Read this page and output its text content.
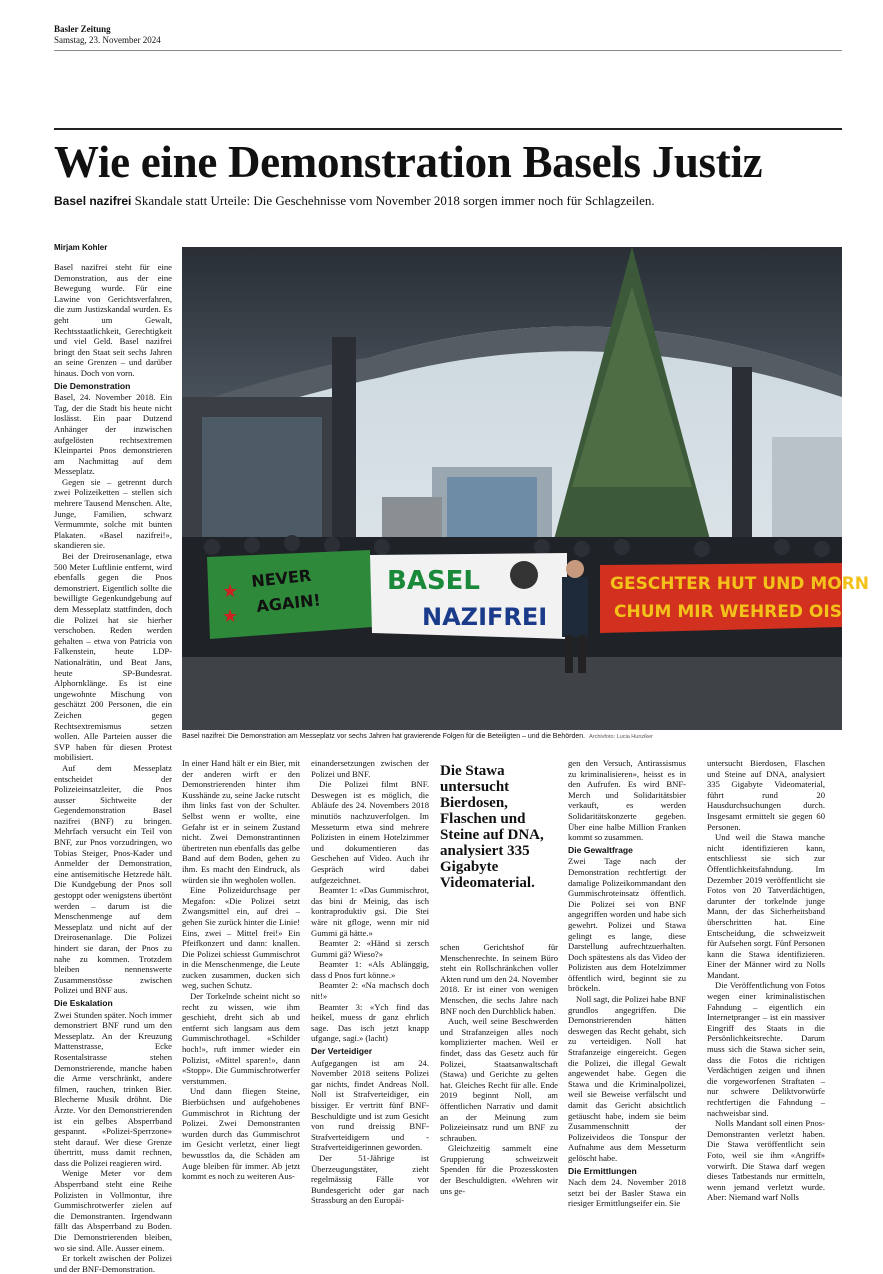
Basler Zeitung
Samstag, 23. November 2024
Wie eine Demonstration Basels Justiz
Basel nazifrei Skandale statt Urteile: Die Geschehnisse vom November 2018 sorgen immer noch für Schlagzeilen.
Mirjam Kohler

Basel nazifrei steht für eine Demonstration, aus der eine Bewegung wurde. Für eine Lawine von Gerichtsverfahren, die zum Justizskandal wurden. Es geht um Gewalt, Rechtsstaatlichkeit, Gerechtigkeit und viel Geld. Basel nazifrei bringt den Staat seit sechs Jahren an seine Grenzen – und darüber hinaus. Doch von vorn.

Die Demonstration

Basel, 24. November 2018. Ein Tag, der die Stadt bis heute nicht loslässt. Ein paar Dutzend Anhänger der inzwischen aufgelösten rechtsextremen Kleinpartei Pnos demonstrieren am Nachmittag auf dem Messeplatz.

Gegen sie – getrennt durch zwei Polizeiketten – stellen sich mehrere Tausend Menschen. Alte, Junge, Familien, schwarz Vermummte, solche mit bunten Plakaten. «Basel nazifrei!», skandieren sie.

Bei der Dreirosenanlage, etwa 500 Meter Luftlinie entfernt, wird ebenfalls gegen die Pnos demonstriert. Eigentlich sollte die bewilligte Gegenkundgebung auf dem Messeplatz stattfinden, doch die Polizei hat sie hierher verschoben. Reden werden gehalten – etwa von Patricia von Falkenstein, heute LDP-Nationalrätin, und Beat Jans, heute SP-Bundesrat. Alphornklänge. Es ist eine ungewohnte Mischung von geschätzt 200 Personen, die ein Zeichen gegen Rechtsextremismus setzen wollen. Alle Parteien ausser die SVP haben für diesen Protest mobilisiert.

Auf dem Messeplatz entscheidet der Polizeieinsatzleiter, die Pnos ausser Sichtweite der Gegendemonstration Basel nazifrei (BNF) zu bringen. Mehrfach versucht ein Teil von BNF, zur Pnos vorzudringen, wo Tobias Steiger, Pnos-Kader und Anmelder der Demonstration, eine antisemitische Hetzrede hält. Die Kundgebung der Pnos soll gestoppt oder wenigstens übertönt werden – darum ist die Menschenmenge auf dem Messeplatz und nicht auf der Dreirosenanlage. Die Polizei hindert sie daran, der Pnos zu nahe zu kommen. Trotzdem bleiben nennenswerte Zusammenstösse zwischen Polizei und BNF aus.

Die Eskalation

Zwei Stunden später. Noch immer demonstriert BNF rund um den Messeplatz. An der Kreuzung Mattenstrasse, Ecke Rosentalstrasse stehen Demonstrierende, manche haben die Arme verschränkt, andere filmen, rauchen, trinken Bier. Blecherne Musik dröhnt. Die Ärzte. Vor den Demonstrierenden ist ein gelbes Absperrband gespannt. «Polizei-Sperrzone» steht darauf. Wer diese Grenze übertritt, muss damit rechnen, dass die Polizei reagieren wird.

Wenige Meter vor dem Absperrband steht eine Reihe Polizisten in Vollmontur, ihre Gummischrotwerfer zielen auf die Demonstranten. Irgendwann fällt das Absperrband zu Boden. Die Demonstrierenden bleiben, wo sie sind. Alle. Ausser einem.

Er torkelt zwischen der Polizei und der BNF-Demonstration.

NEVER
AGAIN!
★
★
BASEL
NAZIFREI
GESCHTER HUT UND MORN
CHUM MIR WEHRED OIS
Basel nazifrei: Die Demonstration am Messeplatz vor sechs Jahren hat gravierende Folgen für die Beteiligten – und die Behörden. Archivfoto: Lucia Hunziker

In einer Hand hält er ein Bier, mit der anderen wirft er den Demonstrierenden hinter ihm Kusshände zu, seine Jacke rutscht ihm links fast von der Schulter. Selbst wenn er wollte, eine Gefahr ist er in seinem Zustand nicht. Zwei Demonstrantinnen übertreten nun ebenfalls das gelbe Band auf dem Boden, gehen zu ihm. Es macht den Eindruck, als würden sie ihn wegholen wollen.

Eine Polizeidurchsage per Megafon: «Die Polizei setzt Zwangsmittel ein, auf drei – gehen Sie zurück hinter die Linie! Eins, zwei – Mittel frei!» Ein Pfeifkonzert und dann: knallen. Die Polizei schiesst Gummischrot in die Menschenmenge, die Leute zucken zusammen, ducken sich weg, suchen Schutz.

Der Torkelnde scheint nicht so recht zu wissen, wie ihm geschieht, dreht sich ab und entfernt sich langsam aus dem Gummischrothagel. «Schilder hoch!», ruft immer wieder ein Polizist, «Mittel sparen!», dann «Stopp». Die Gummischrotwerfer verstummen.

Und dann fliegen Steine, Bierbüchsen und aufgehobenes Gummischrot in Richtung der Polizei. Zwei Demonstranten wurden durch das Gummischrot im Gesicht verletzt, einer liegt bewusstlos da, die Schäden am Auge bleiben für immer. Ab jetzt kommt es noch zu weiteren Aus-

einandersetzungen zwischen der Polizei und BNF.

Die Polizei filmt BNF. Deswegen ist es möglich, die Abläufe des 24. Novembers 2018 minutiös nachzuverfolgen. Im Messeturm etwa sind mehrere Polizisten in einem Hotelzimmer und dokumentieren das Geschehen auf Video. Auch ihr Gespräch wird dabei aufgezeichnet.

Beamter 1: «Das Gummischrot, das bini dr Meinig, das isch kontraproduktiv gsi. Die Stei wäre nit gfloge, wenn mir nid Gummi gä hätte.»

Beamter 2: «Händ si zersch Gummi gä? Wieso?»

Beamter 1: «Als Ablänggig, dass d Pnos furt könne.»

Beamter 2: «Na machsch doch nit!»

Beamter 3: «Ych find das heikel, muess dr ganz ehrlich sage. Das isch jetzt knapp ufgange, sagi.» (lacht)

Der Verteidiger

Aufgegangen ist am 24. November 2018 seitens Polizei gar nichts, findet Andreas Noll. Noll ist Strafverteidiger, ein bissiger. Er vertritt fünf BNF-Beschuldigte und ist zum Gesicht von rund dreissig BNF-Strafverteidigern und -Strafverteidigerinnen geworden.

Der 51-Jährige ist Überzeugungstäter, zieht regelmässig Fälle vor Bundesgericht oder gar nach Strassburg an den Europäi-

Die Stawa untersucht Bierdosen, Flaschen und Steine auf DNA, analysiert 335 Gigabyte Videomaterial.

schen Gerichtshof für Menschenrechte. In seinem Büro steht ein Rollschränkchen voller Akten rund um den 24. November 2018. Er ist einer von wenigen Menschen, die sechs Jahre nach BNF noch den Durchblick haben.

Auch, weil seine Beschwerden und Strafanzeigen alles noch komplizierter machen. Weil er findet, dass das Gesetz auch für Polizei, Staatsanwaltschaft (Stawa) und Gerichte zu gelten hat. Gleiches Recht für alle. Ende 2019 beginnt Noll, am öffentlichen Narrativ und damit an der Meinung zum Polizeieinsatz rund um BNF zu schrauben.

Gleichzeitig sammelt eine Gruppierung schweizweit Spenden für die Prozesskosten der Beschuldigten. «Wehren wir uns ge-

gen den Versuch, Antirassismus zu kriminalisieren», heisst es in den Aufrufen. Es wird BNF-Merch und Solidaritätsbier verkauft, es werden Solidaritätskonzerte gegeben. Über eine halbe Million Franken kommt so zusammen.

Die Gewaltfrage

Zwei Tage nach der Demonstration rechtfertigt der damalige Polizeikommandant den Gummischroteinsatz öffentlich. Die Polizei sei von BNF angegriffen worden und habe sich gewehrt. Polizei und Stawa gelingt es lange, diese Darstellung aufrechtzuerhalten. Doch spätestens als das Video der Polizisten aus dem Hotelzimmer öffentlich wird, beginnt sie zu bröckeln.

Noll sagt, die Polizei habe BNF grundlos angegriffen. Die Demonstrierenden hätten deswegen das Recht gehabt, sich zu verteidigen. Noll hat Strafanzeige eingereicht. Gegen die Polizei, die illegal Gewalt angewendet habe. Gegen die Stawa und die Kriminalpolizei, weil sie Beweise verfälscht und damit das Gericht absichtlich getäuscht habe, indem sie beim Zusammenschnitt der Polizeivideos die Tonspur der Aufnahme aus dem Messeturm gelöscht habe.

Die Ermittlungen

Nach dem 24. November 2018 setzt bei der Basler Stawa ein riesiger Ermittlungseifer ein. Sie

untersucht Bierdosen, Flaschen und Steine auf DNA, analysiert 335 Gigabyte Videomaterial, führt rund 20 Hausdurchsuchungen durch. Insgesamt ermittelt sie gegen 60 Personen.

Und weil die Stawa manche nicht identifizieren kann, entschliesst sie sich zur Öffentlichkeitsfahndung. Im Dezember 2019 veröffentlicht sie Fotos von 20 Tatverdächtigen, darunter der torkelnde junge Mann, der das Sicherheitsband überschritten hat. Eine Entscheidung, die schweizweit für Aufsehen sorgt. Fünf Personen kann die Stawa identifizieren. Einer der Männer wird zu Nolls Mandant.

Die Veröffentlichung von Fotos wegen einer kriminalistischen Fahndung – eigentlich ein Internetpranger – ist ein massiver Eingriff des Staats in die Persönlichkeitsrechte. Darum muss sich die Stawa sicher sein, dass die Fotos die richtigen Verdächtigen zeigen und ihnen die vorgeworfenen Straftaten – nur schwere Deliktvorwürfe rechtfertigen die Fahndung – nachweisbar sind.

Nolls Mandant soll einen Pnos-Demonstranten verletzt haben. Die Stawa veröffentlicht sein Foto, weil sie ihm «Angriff» vorwirft. Die Stawa darf wegen dieses Tatbestands nur ermitteln, wenn jemand verletzt wurde. Aber: Niemand warf Nolls
